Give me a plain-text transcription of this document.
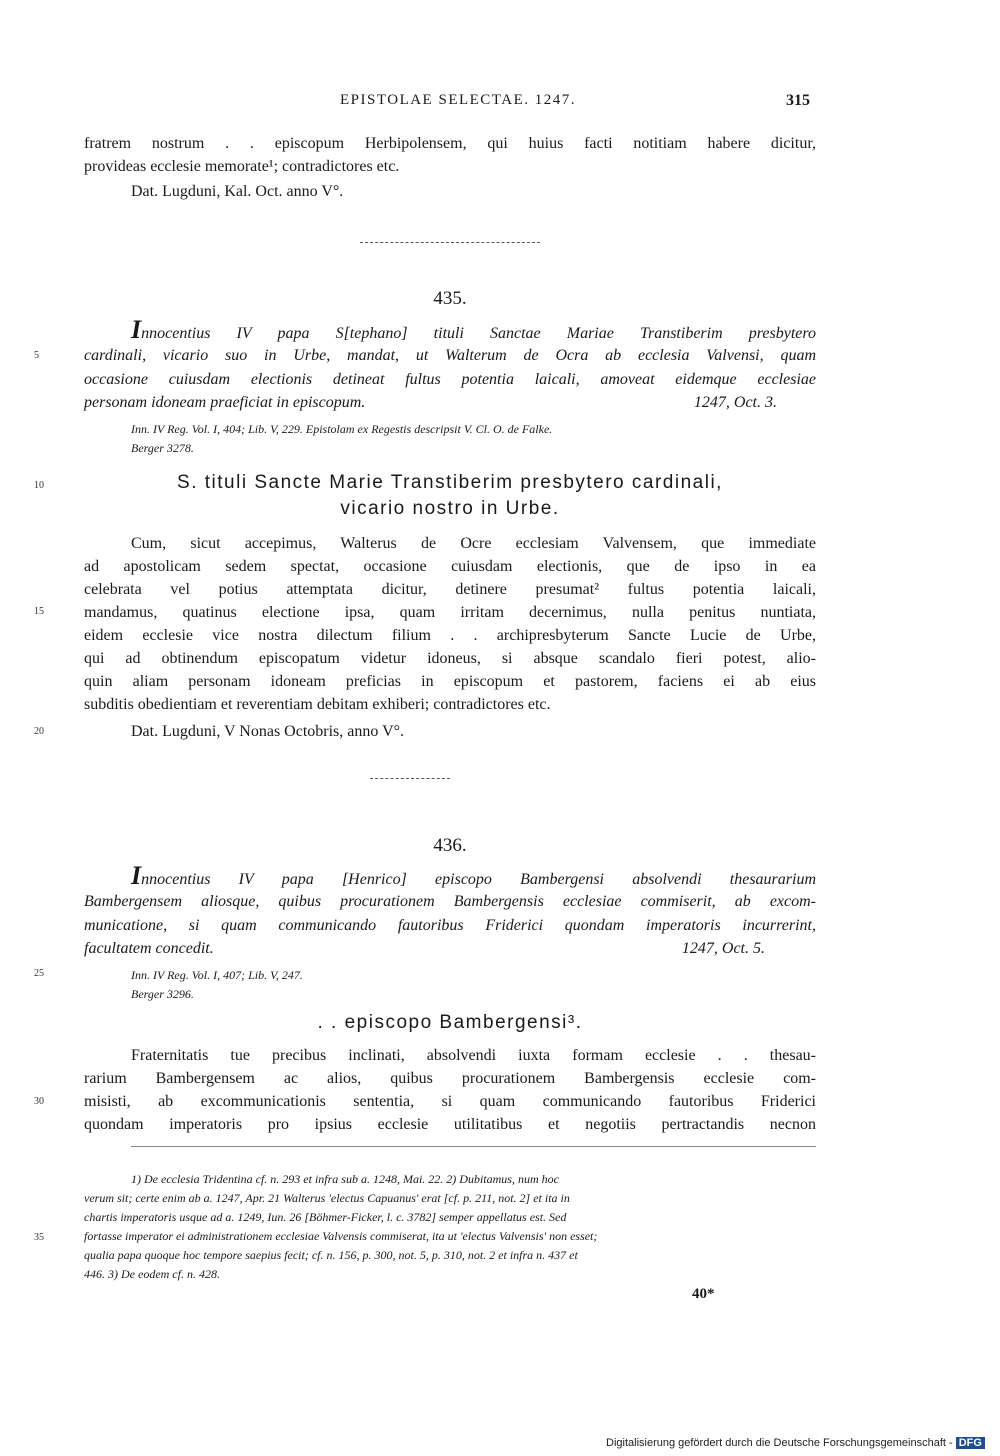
EPISTOLAE SELECTAE. 1247.	315
fratrem nostrum . . episcopum Herbipolensem, qui huius facti notitiam habere dicitur,
provideas ecclesie memorate¹; contradictores etc.
Dat. Lugduni, Kal. Oct. anno V°.
435.
Innocentius IV papa S[tephano] tituli Sanctae Mariae Transtiberim presbytero
cardinali, vicario suo in Urbe, mandat, ut Walterum de Ocra ab ecclesia Valvensi, quam
occasione cuiusdam electionis detineat fultus potentia laicali, amoveat eidemque ecclesiae
personam idoneam praeficiat in episcopum.	1247, Oct. 3.
Inn. IV Reg. Vol. I, 404; Lib. V, 229. Epistolam ex Regestis descripsit V. Cl. O. de Falke.
Berger 3278.
S. tituli Sancte Marie Transtiberim presbytero cardinali,
vicario nostro in Urbe.
Cum, sicut accepimus, Walterus de Ocre ecclesiam Valvensem, que immediate
ad apostolicam sedem spectat, occasione cuiusdam electionis, que de ipso in ea
celebrata vel potius attemptata dicitur, detinere presumat² fultus potentia laicali,
mandamus, quatinus electione ipsa, quam irritam decernimus, nulla penitus nuntiata,
eidem ecclesie vice nostra dilectum filium . . archipresbyterum Sancte Lucie de Urbe,
qui ad obtinendum episcopatum videtur idoneus, si absque scandalo fieri potest, alio-
quin aliam personam idoneam preficias in episcopum et pastorem, faciens ei ab eius
subditis obedientiam et reverentiam debitam exhiberi; contradictores etc.
Dat. Lugduni, V Nonas Octobris, anno V°.
436.
Innocentius IV papa [Henrico] episcopo Bambergensi absolvendi thesaurarium
Bambergensem aliosque, quibus procurationem Bambergensis ecclesiae commiserit, ab excom-
municatione, si quam communicando fautoribus Friderici quondam imperatoris incurrerint,
facultatem concedit.	1247, Oct. 5.
Inn. IV Reg. Vol. I, 407; Lib. V, 247.
Berger 3296.
. . episcopo Bambergensi³.
Fraternitatis tue precibus inclinati, absolvendi iuxta formam ecclesie . . thesau-
rarium Bambergensem ac alios, quibus procurationem Bambergensis ecclesie com-
misisti, ab excommunicationis sententia, si quam communicando fautoribus Friderici
quondam imperatoris pro ipsius ecclesie utilitatibus et negotiis pertractandis necnon
1) De ecclesia Tridentina cf. n. 293 et infra sub a. 1248, Mai. 22. 2) Dubitamus, num hoc
verum sit; certe enim ab a. 1247, Apr. 21 Walterus 'electus Capuanus' erat [cf. p. 211, not. 2] et ita in
chartis imperatoris usque ad a. 1249, Iun. 26 [Böhmer-Ficker, l. c. 3782] semper appellatus est. Sed
fortasse imperator ei administrationem ecclesiae Valvensis commiserat, ita ut 'electus Valvensis' non esset;
qualia papa quoque hoc tempore saepius fecit; cf. n. 156, p. 300, not. 5, p. 310, not. 2 et infra n. 437 et
446. 3) De eodem cf. n. 428.
40*
5
10
15
20
25
30
35
Digitalisierung gefördert durch die Deutsche Forschungsgemeinschaft - DFG
